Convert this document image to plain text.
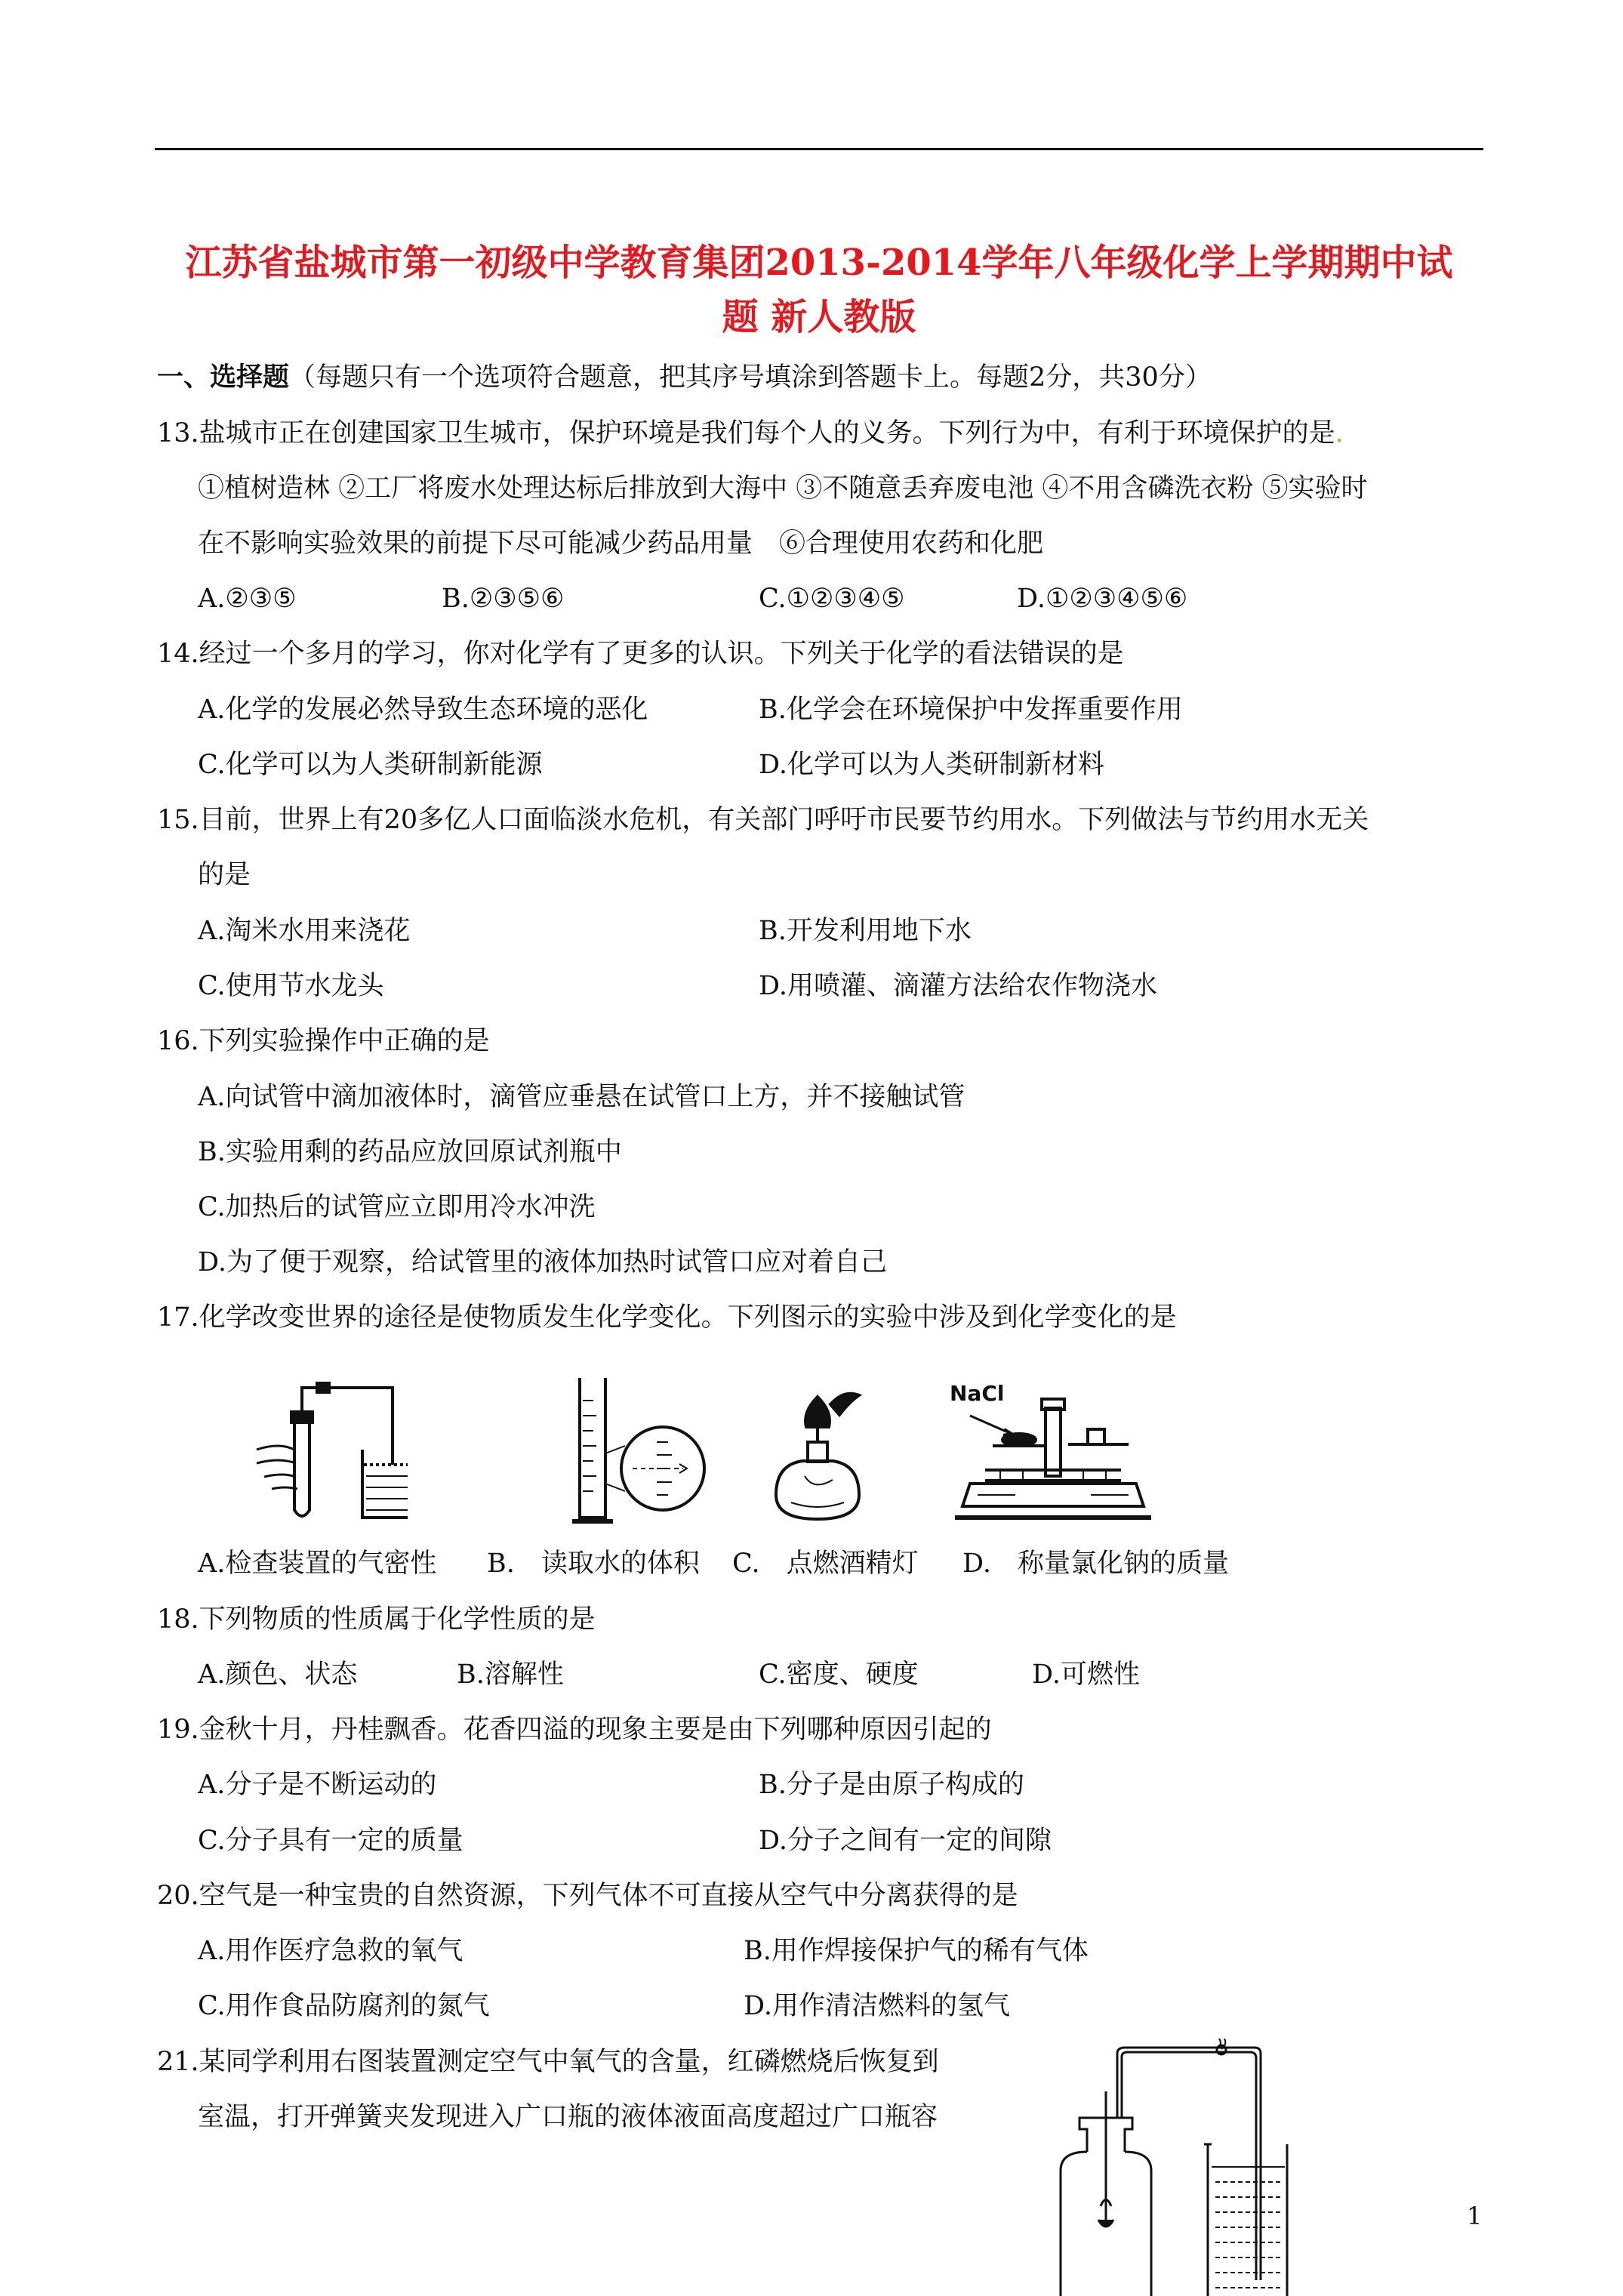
江苏省盐城市第一初级中学教育集团2013-2014学年八年级化学上学期期中试
题 新人教版
一、选择题（每题只有一个选项符合题意，把其序号填涂到答题卡上。每题2分，共30分）
13.盐城市正在创建国家卫生城市，保护环境是我们每个人的义务。下列行为中，有利于环境保护的是.
①植树造林 ②工厂将废水处理达标后排放到大海中 ③不随意丢弃废电池 ④不用含磷洗衣粉 ⑤实验时
在不影响实验效果的前提下尽可能减少药品用量　⑥合理使用农药和化肥
A.②③⑤	B.②③⑤⑥	C.①②③④⑤	D.①②③④⑤⑥
14.经过一个多月的学习，你对化学有了更多的认识。下列关于化学的看法错误的是
A.化学的发展必然导致生态环境的恶化	B.化学会在环境保护中发挥重要作用
C.化学可以为人类研制新能源	D.化学可以为人类研制新材料
15.目前，世界上有20多亿人口面临淡水危机，有关部门呼吁市民要节约用水。下列做法与节约用水无关
的是
A.淘米水用来浇花	B.开发利用地下水
C.使用节水龙头	D.用喷灌、滴灌方法给农作物浇水
16.下列实验操作中正确的是
A.向试管中滴加液体时，滴管应垂悬在试管口上方，并不接触试管
B.实验用剩的药品应放回原试剂瓶中
C.加热后的试管应立即用冷水冲洗
D.为了便于观察，给试管里的液体加热时试管口应对着自己
17.化学改变世界的途径是使物质发生化学变化。下列图示的实验中涉及到化学变化的是
NaCl
A.检查装置的气密性 B.　读取水的体积 C.　点燃酒精灯 D.　称量氯化钠的质量
18.下列物质的性质属于化学性质的是
A.颜色、状态	B.溶解性	C.密度、硬度	D.可燃性
19.金秋十月，丹桂飘香。花香四溢的现象主要是由下列哪种原因引起的
A.分子是不断运动的	B.分子是由原子构成的
C.分子具有一定的质量	D.分子之间有一定的间隙
20.空气是一种宝贵的自然资源，下列气体不可直接从空气中分离获得的是
A.用作医疗急救的氧气	B.用作焊接保护气的稀有气体
C.用作食品防腐剂的氮气	D.用作清洁燃料的氢气
21.某同学利用右图装置测定空气中氧气的含量，红磷燃烧后恢复到
室温，打开弹簧夹发现进入广口瓶的液体液面高度超过广口瓶容
1
